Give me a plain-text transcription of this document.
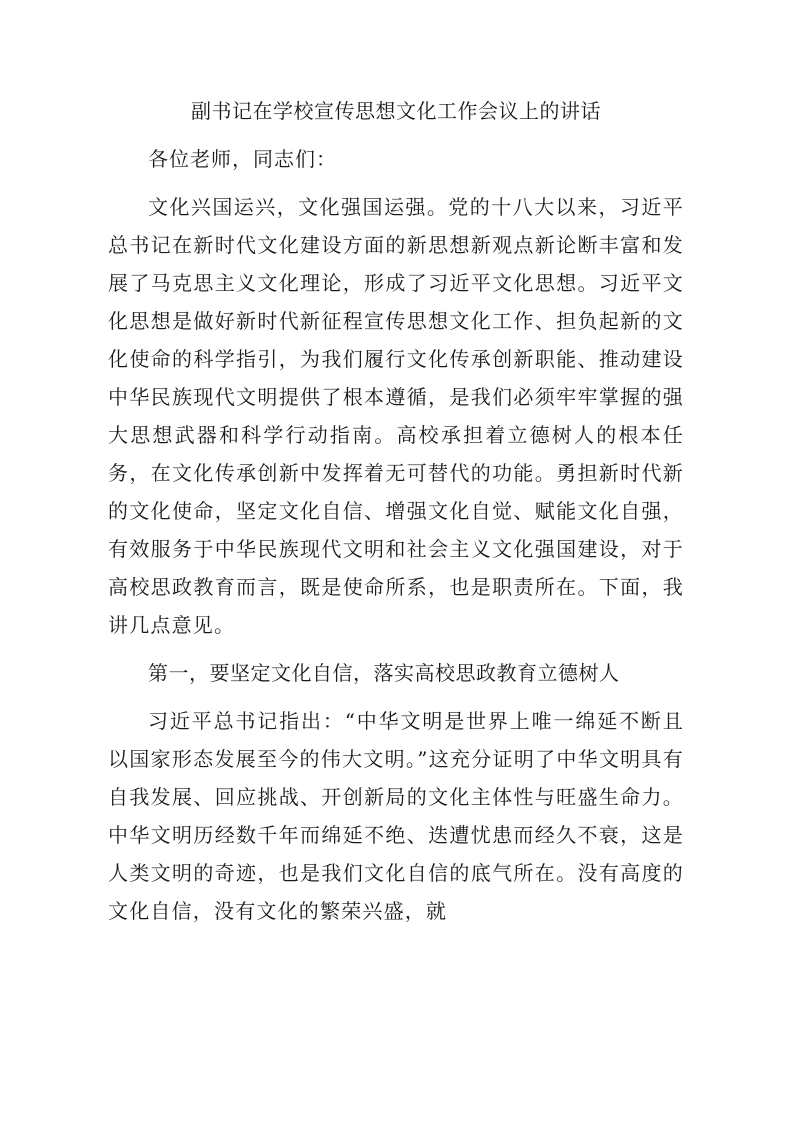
副书记在学校宣传思想文化工作会议上的讲话

各位老师，同志们：

文化兴国运兴，文化强国运强。党的十八大以来，习近平总书记在新时代文化建设方面的新思想新观点新论断丰富和发展了马克思主义文化理论，形成了习近平文化思想。习近平文化思想是做好新时代新征程宣传思想文化工作、担负起新的文化使命的科学指引，为我们履行文化传承创新职能、推动建设中华民族现代文明提供了根本遵循，是我们必须牢牢掌握的强大思想武器和科学行动指南。高校承担着立德树人的根本任务，在文化传承创新中发挥着无可替代的功能。勇担新时代新的文化使命，坚定文化自信、增强文化自觉、赋能文化自强，有效服务于中华民族现代文明和社会主义文化强国建设，对于高校思政教育而言，既是使命所系，也是职责所在。下面，我讲几点意见。

第一，要坚定文化自信，落实高校思政教育立德树人

习近平总书记指出：“中华文明是世界上唯一绵延不断且以国家形态发展至今的伟大文明。”这充分证明了中华文明具有自我发展、回应挑战、开创新局的文化主体性与旺盛生命力。中华文明历经数千年而绵延不绝、迭遭忧患而经久不衰，这是人类文明的奇迹，也是我们文化自信的底气所在。没有高度的文化自信，没有文化的繁荣兴盛，就
